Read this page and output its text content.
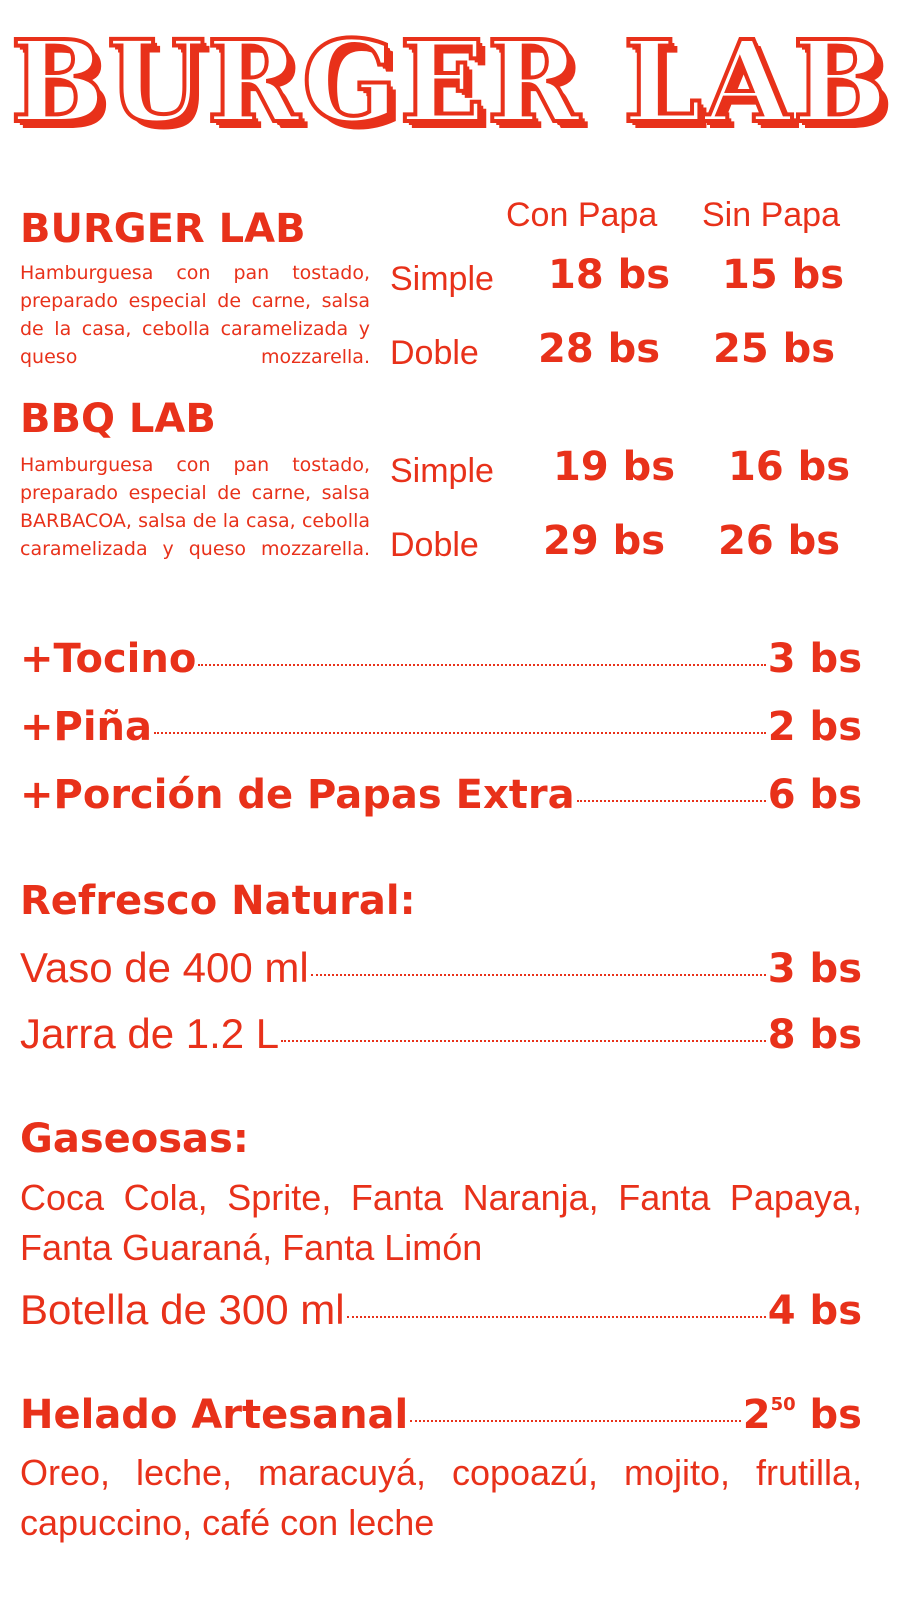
BURGER LAB
Con Papa Sin Papa
BURGER LAB
Hamburguesa con pan tostado, preparado especial de carne, salsa de la casa, cebolla caramelizada y queso mozzarella.
Simple 18 bs 15 bs
Doble 28 bs 25 bs
BBQ LAB
Hamburguesa con pan tostado, preparado especial de carne, salsa BARBACOA, salsa de la casa, cebolla caramelizada y queso mozzarella.
Simple 19 bs 16 bs
Doble 29 bs 26 bs
+Tocino	3 bs
+Piña	2 bs
+Porción de Papas Extra	6 bs
Refresco Natural:
Vaso de 400 ml	3 bs
Jarra de 1.2 L	8 bs
Gaseosas:
Coca Cola, Sprite, Fanta Naranja, Fanta Papaya, Fanta Guaraná, Fanta Limón
Botella de 300 ml	4 bs
Helado Artesanal	$2^{50}$ bs
Oreo, leche, maracuyá, copoazú, mojito, frutilla, capuccino, café con leche
